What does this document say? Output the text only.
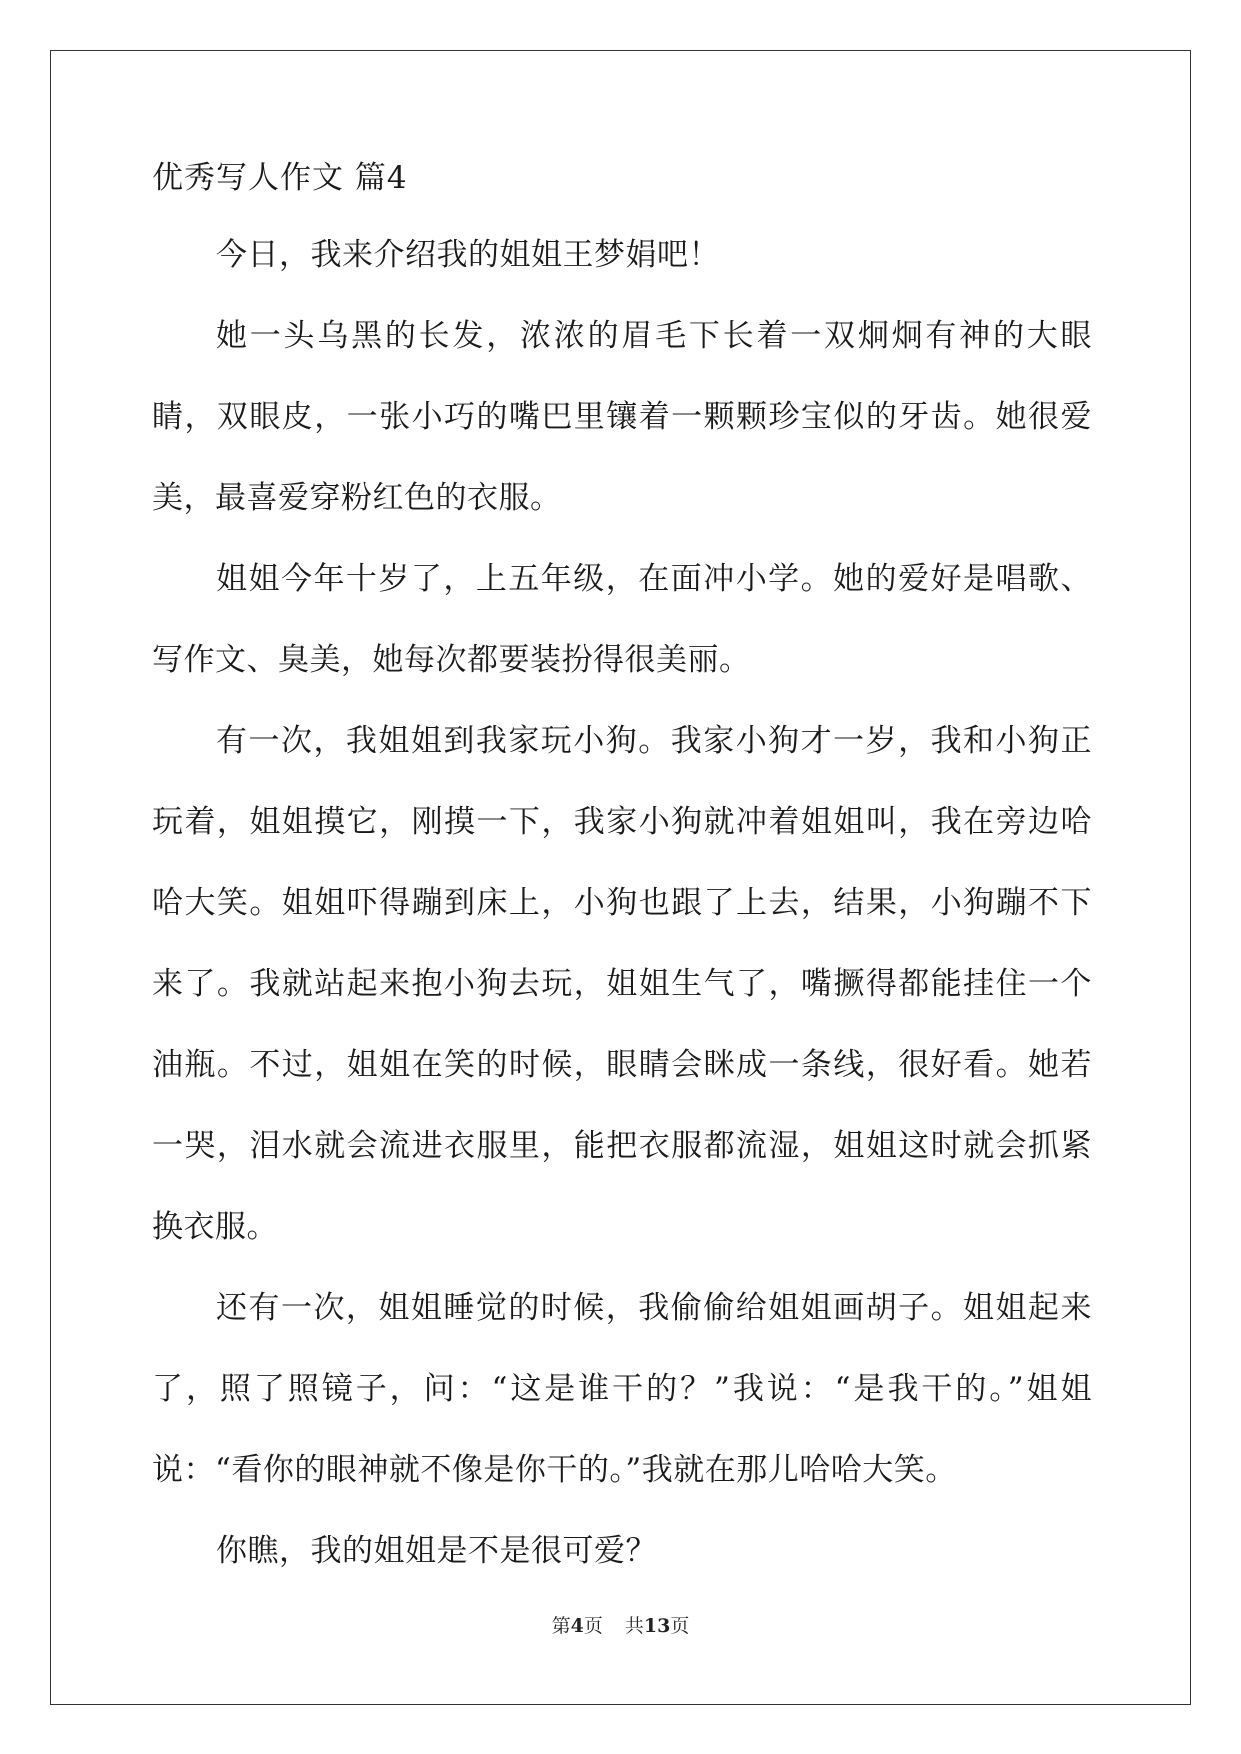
优秀写人作文 篇4

今日，我来介绍我的姐姐王梦娟吧！

她一头乌黑的长发，浓浓的眉毛下长着一双炯炯有神的大眼睛，双眼皮，一张小巧的嘴巴里镶着一颗颗珍宝似的牙齿。她很爱美，最喜爱穿粉红色的衣服。

姐姐今年十岁了，上五年级，在面冲小学。她的爱好是唱歌、写作文、臭美，她每次都要装扮得很美丽。

有一次，我姐姐到我家玩小狗。我家小狗才一岁，我和小狗正玩着，姐姐摸它，刚摸一下，我家小狗就冲着姐姐叫，我在旁边哈哈大笑。姐姐吓得蹦到床上，小狗也跟了上去，结果，小狗蹦不下来了。我就站起来抱小狗去玩，姐姐生气了，嘴撅得都能挂住一个油瓶。不过，姐姐在笑的时候，眼睛会眯成一条线，很好看。她若一哭，泪水就会流进衣服里，能把衣服都流湿，姐姐这时就会抓紧换衣服。

还有一次，姐姐睡觉的时候，我偷偷给姐姐画胡子。姐姐起来了，照了照镜子，问：“这是谁干的？”我说：“是我干的。”姐姐说：“看你的眼神就不像是你干的。”我就在那儿哈哈大笑。

你瞧，我的姐姐是不是很可爱？

第4页 共13页
